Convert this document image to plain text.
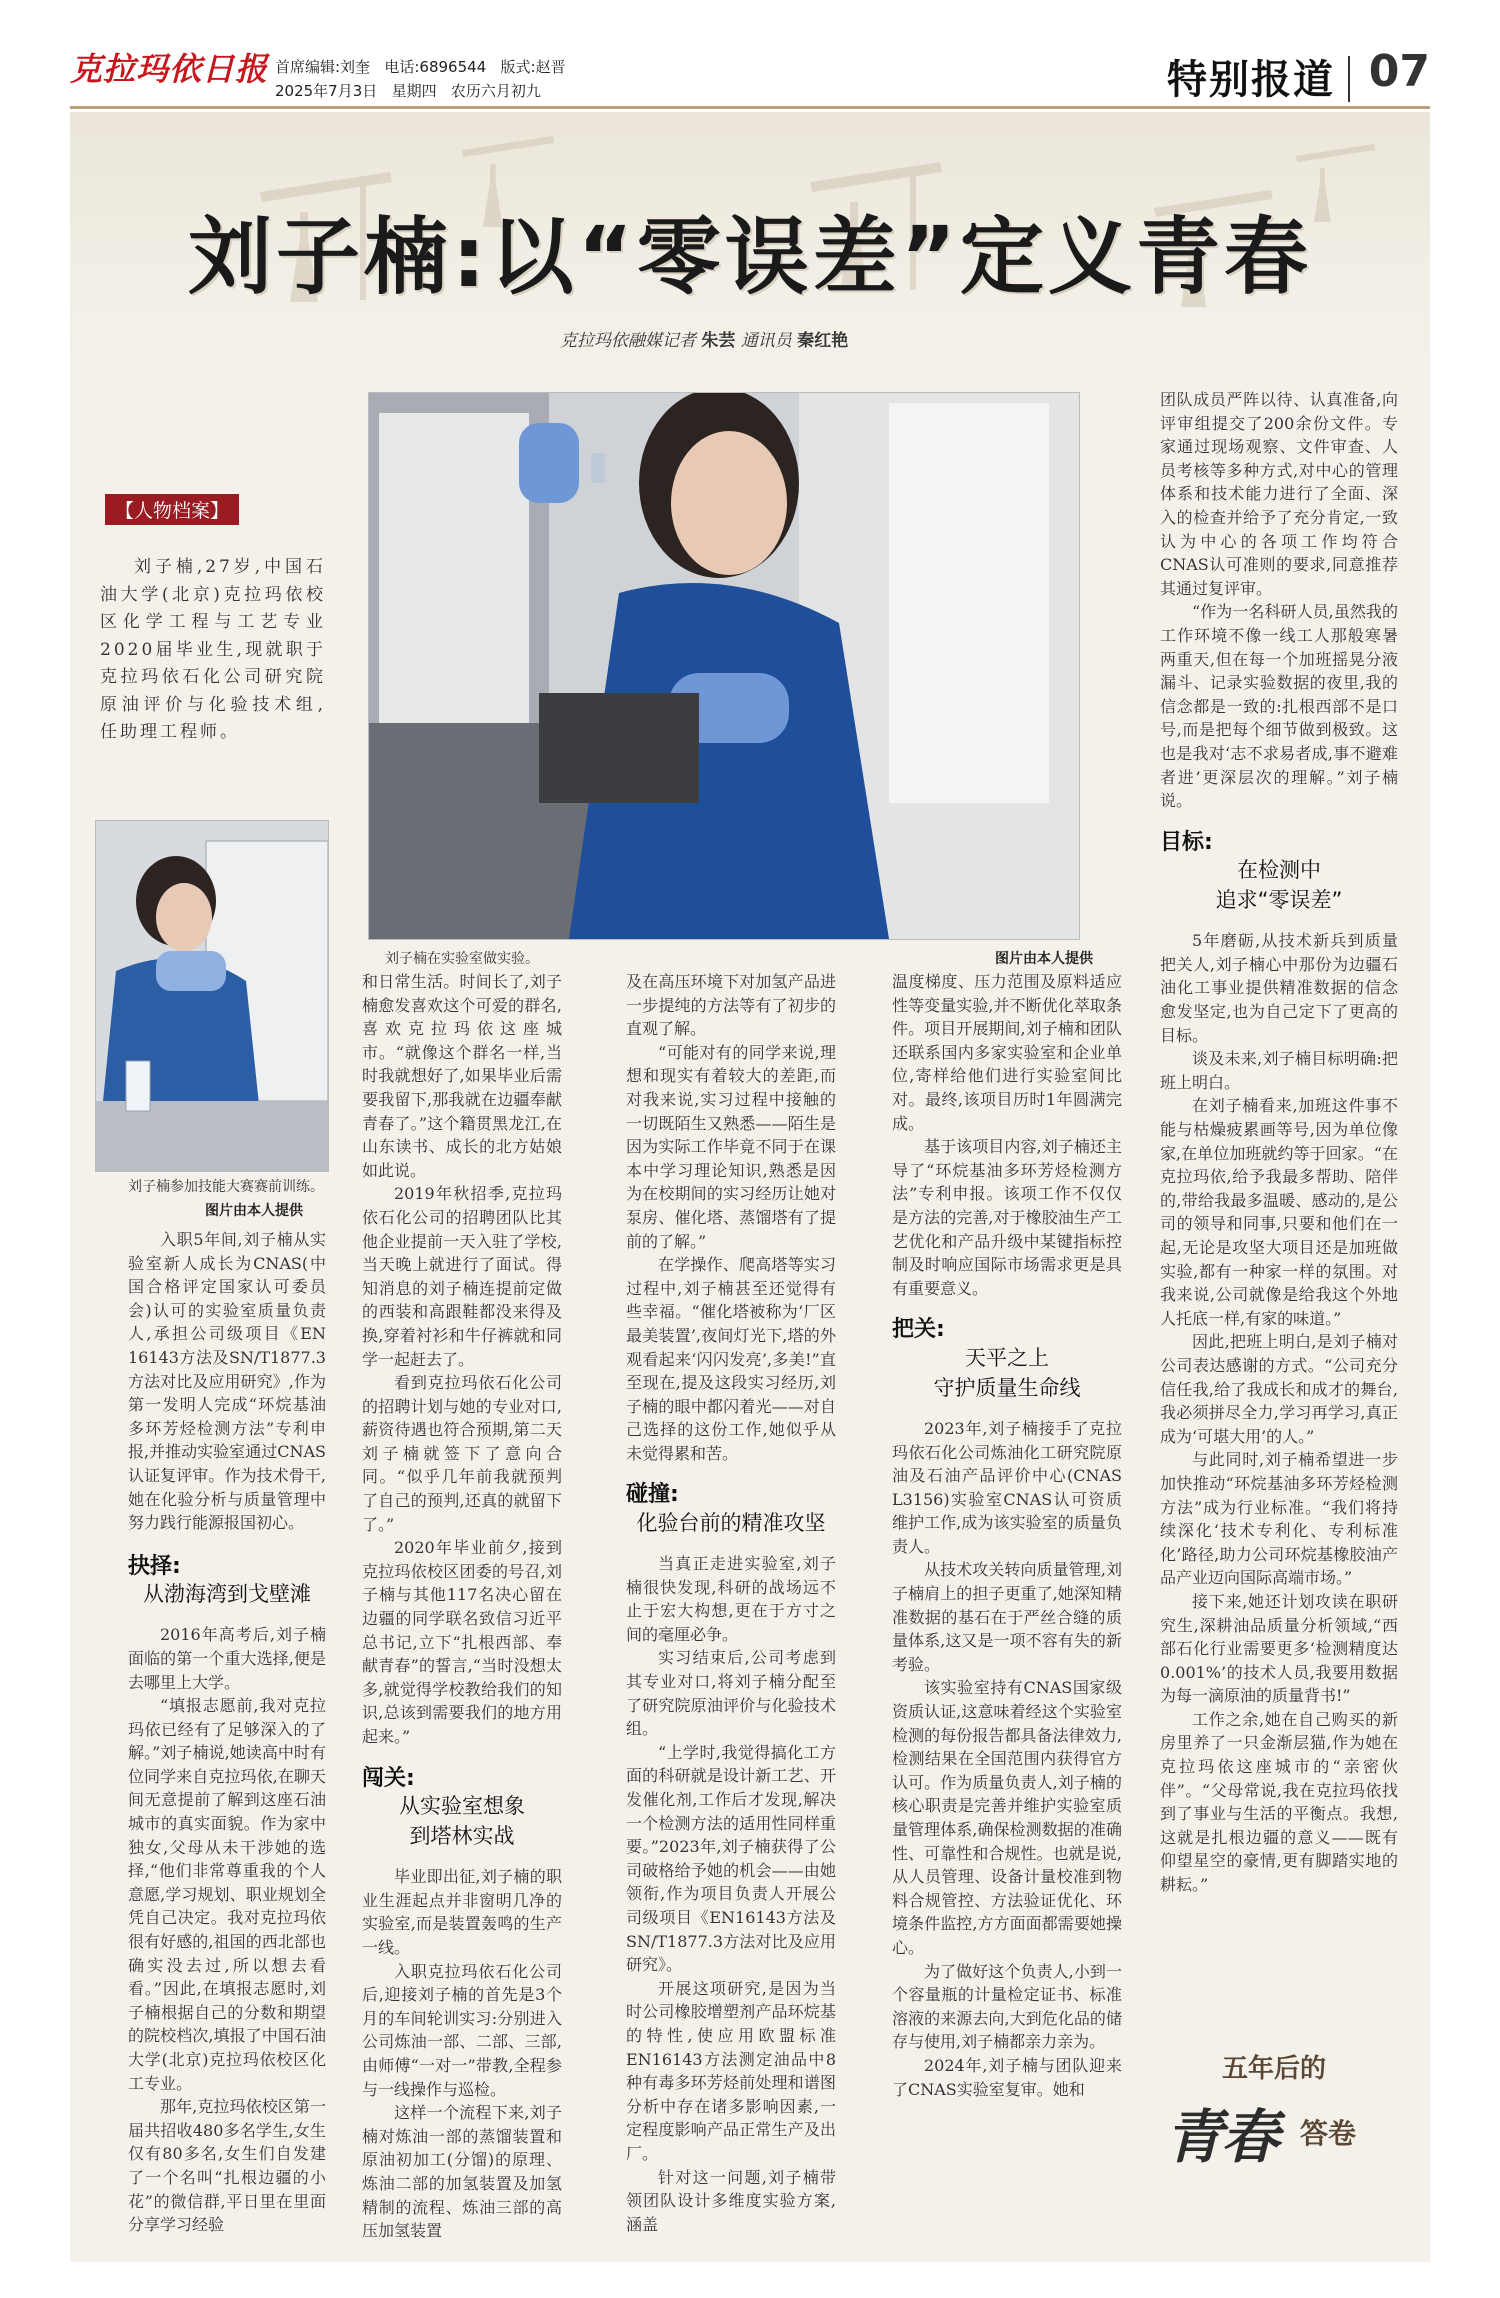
克拉玛依日报 首席编辑:刘奎 电话:6896544 版式:赵晋
2025年7月3日 星期四 农历六月初九	特别报道 07
刘子楠:以“零误差”定义青春
克拉玛依融媒记者 朱芸 通讯员 秦红艳
【人物档案】
刘子楠,27岁,中国石油大学(北京)克拉玛依校区化学工程与工艺专业2020届毕业生,现就职于克拉玛依石化公司研究院原油评价与化验技术组,任助理工程师。
刘子楠在实验室做实验。	图片由本人提供
刘子楠参加技能大赛赛前训练。
图片由本人提供

入职5年间,刘子楠从实验室新人成长为CNAS(中国合格评定国家认可委员会)认可的实验室质量负责人,承担公司级项目《EN 16143方法及SN/T1877.3方法对比及应用研究》,作为第一发明人完成“环烷基油多环芳烃检测方法”专利申报,并推动实验室通过CNAS认证复评审。作为技术骨干,她在化验分析与质量管理中努力践行能源报国初心。

抉择:
从渤海湾到戈壁滩

2016年高考后,刘子楠面临的第一个重大选择,便是去哪里上大学。

“填报志愿前,我对克拉玛依已经有了足够深入的了解。”刘子楠说,她读高中时有位同学来自克拉玛依,在聊天间无意提前了解到这座石油城市的真实面貌。作为家中独女,父母从未干涉她的选择,“他们非常尊重我的个人意愿,学习规划、职业规划全凭自己决定。我对克拉玛依很有好感的,祖国的西北部也确实没去过,所以想去看看。”因此,在填报志愿时,刘子楠根据自己的分数和期望的院校档次,填报了中国石油大学(北京)克拉玛依校区化工专业。

那年,克拉玛依校区第一届共招收480多名学生,女生仅有80多名,女生们自发建了一个名叫“扎根边疆的小花”的微信群,平日里在里面分享学习经验

和日常生活。时间长了,刘子楠愈发喜欢这个可爱的群名,喜欢克拉玛依这座城市。“就像这个群名一样,当时我就想好了,如果毕业后需要我留下,那我就在边疆奉献青春了。”这个籍贯黑龙江,在山东读书、成长的北方姑娘如此说。

2019年秋招季,克拉玛依石化公司的招聘团队比其他企业提前一天入驻了学校,当天晚上就进行了面试。得知消息的刘子楠连提前定做的西装和高跟鞋都没来得及换,穿着衬衫和牛仔裤就和同学一起赶去了。

看到克拉玛依石化公司的招聘计划与她的专业对口,薪资待遇也符合预期,第二天刘子楠就签下了意向合同。“似乎几年前我就预判了自己的预判,还真的就留下了。”

2020年毕业前夕,接到克拉玛依校区团委的号召,刘子楠与其他117名决心留在边疆的同学联名致信习近平总书记,立下“扎根西部、奉献青春”的誓言,“当时没想太多,就觉得学校教给我们的知识,总该到需要我们的地方用起来。”

闯关:
从实验室想象
到塔林实战

毕业即出征,刘子楠的职业生涯起点并非窗明几净的实验室,而是装置轰鸣的生产一线。

入职克拉玛依石化公司后,迎接刘子楠的首先是3个月的车间轮训实习:分别进入公司炼油一部、二部、三部,由师傅“一对一”带教,全程参与一线操作与巡检。

这样一个流程下来,刘子楠对炼油一部的蒸馏装置和原油初加工(分馏)的原理、炼油二部的加氢装置及加氢精制的流程、炼油三部的高压加氢装置

及在高压环境下对加氢产品进一步提纯的方法等有了初步的直观了解。

“可能对有的同学来说,理想和现实有着较大的差距,而对我来说,实习过程中接触的一切既陌生又熟悉——陌生是因为实际工作毕竟不同于在课本中学习理论知识,熟悉是因为在校期间的实习经历让她对泵房、催化塔、蒸馏塔有了提前的了解。”

在学操作、爬高塔等实习过程中,刘子楠甚至还觉得有些幸福。“催化塔被称为‘厂区最美装置’,夜间灯光下,塔的外观看起来‘闪闪发亮’,多美!”直至现在,提及这段实习经历,刘子楠的眼中都闪着光——对自己选择的这份工作,她似乎从未觉得累和苦。

碰撞:
化验台前的精准攻坚

当真正走进实验室,刘子楠很快发现,科研的战场远不止于宏大构想,更在于方寸之间的毫厘必争。

实习结束后,公司考虑到其专业对口,将刘子楠分配至了研究院原油评价与化验技术组。

“上学时,我觉得搞化工方面的科研就是设计新工艺、开发催化剂,工作后才发现,解决一个检测方法的适用性同样重要。”2023年,刘子楠获得了公司破格给予她的机会——由她领衔,作为项目负责人开展公司级项目《EN16143方法及SN/T1877.3方法对比及应用研究》。

开展这项研究,是因为当时公司橡胶增塑剂产品环烷基的特性,使应用欧盟标准EN16143方法测定油品中8种有毒多环芳烃前处理和谱图分析中存在诸多影响因素,一定程度影响产品正常生产及出厂。

针对这一问题,刘子楠带领团队设计多维度实验方案,涵盖

温度梯度、压力范围及原料适应性等变量实验,并不断优化萃取条件。项目开展期间,刘子楠和团队还联系国内多家实验室和企业单位,寄样给他们进行实验室间比对。最终,该项目历时1年圆满完成。

基于该项目内容,刘子楠还主导了“环烷基油多环芳烃检测方法”专利申报。该项工作不仅仅是方法的完善,对于橡胶油生产工艺优化和产品升级中某键指标控制及时响应国际市场需求更是具有重要意义。

把关:
天平之上
守护质量生命线

2023年,刘子楠接手了克拉玛依石化公司炼油化工研究院原油及石油产品评价中心(CNAS L3156)实验室CNAS认可资质维护工作,成为该实验室的质量负责人。

从技术攻关转向质量管理,刘子楠肩上的担子更重了,她深知精准数据的基石在于严丝合缝的质量体系,这又是一项不容有失的新考验。

该实验室持有CNAS国家级资质认证,这意味着经这个实验室检测的每份报告都具备法律效力,检测结果在全国范围内获得官方认可。作为质量负责人,刘子楠的核心职责是完善并维护实验室质量管理体系,确保检测数据的准确性、可靠性和合规性。也就是说,从人员管理、设备计量校准到物料合规管控、方法验证优化、环境条件监控,方方面面都需要她操心。

为了做好这个负责人,小到一个容量瓶的计量检定证书、标准溶液的来源去向,大到危化品的储存与使用,刘子楠都亲力亲为。

2024年,刘子楠与团队迎来了CNAS实验室复审。她和

团队成员严阵以待、认真准备,向评审组提交了200余份文件。专家通过现场观察、文件审查、人员考核等多种方式,对中心的管理体系和技术能力进行了全面、深入的检查并给予了充分肯定,一致认为中心的各项工作均符合CNAS认可准则的要求,同意推荐其通过复评审。

“作为一名科研人员,虽然我的工作环境不像一线工人那般寒暑两重天,但在每一个加班摇晃分液漏斗、记录实验数据的夜里,我的信念都是一致的:扎根西部不是口号,而是把每个细节做到极致。这也是我对‘志不求易者成,事不避难者进’更深层次的理解。”刘子楠说。

目标:
在检测中
追求“零误差”

5年磨砺,从技术新兵到质量把关人,刘子楠心中那份为边疆石油化工事业提供精准数据的信念愈发坚定,也为自己定下了更高的目标。

谈及未来,刘子楠目标明确:把班上明白。

在刘子楠看来,加班这件事不能与枯燥疲累画等号,因为单位像家,在单位加班就约等于回家。“在克拉玛依,给予我最多帮助、陪伴的,带给我最多温暖、感动的,是公司的领导和同事,只要和他们在一起,无论是攻坚大项目还是加班做实验,都有一种家一样的氛围。对我来说,公司就像是给我这个外地人托底一样,有家的味道。”

因此,把班上明白,是刘子楠对公司表达感谢的方式。“公司充分信任我,给了我成长和成才的舞台,我必须拼尽全力,学习再学习,真正成为‘可堪大用’的人。”

与此同时,刘子楠希望进一步加快推动“环烷基油多环芳烃检测方法”成为行业标准。“我们将持续深化‘技术专利化、专利标准化’路径,助力公司环烷基橡胶油产品产业迈向国际高端市场。”

接下来,她还计划攻读在职研究生,深耕油品质量分析领域,“西部石化行业需要更多‘检测精度达0.001%’的技术人员,我要用数据为每一滴原油的质量背书!”

工作之余,她在自己购买的新房里养了一只金渐层猫,作为她在克拉玛依这座城市的“亲密伙伴”。“父母常说,我在克拉玛依找到了事业与生活的平衡点。我想,这就是扎根边疆的意义——既有仰望星空的豪情,更有脚踏实地的耕耘。”

五年后的
青春 答卷
